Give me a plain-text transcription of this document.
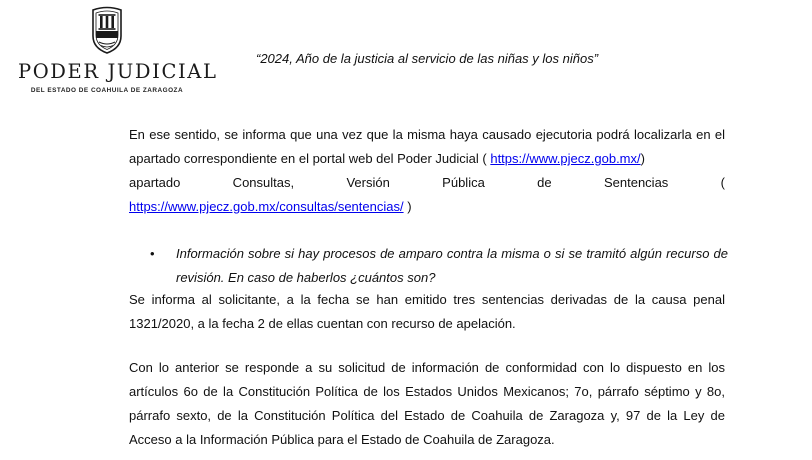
PODER JUDICIAL
DEL ESTADO DE COAHUILA DE ZARAGOZA
“2024, Año de la justicia al servicio de las niñas y los niños”
En ese sentido, se informa que una vez que la misma haya causado ejecutoria podrá localizarla en el apartado correspondiente en el portal web del Poder Judicial ( https://www.pjecz.gob.mx/)
apartado Consultas, Versión Pública de Sentencias (
https://www.pjecz.gob.mx/consultas/sentencias/ )
• Información sobre si hay procesos de amparo contra la misma o si se tramitó algún recurso de revisión. En caso de haberlos ¿cuántos son?
Se informa al solicitante, a la fecha se han emitido tres sentencias derivadas de la causa penal 1321/2020, a la fecha 2 de ellas cuentan con recurso de apelación.
Con lo anterior se responde a su solicitud de información de conformidad con lo dispuesto en los artículos 6o de la Constitución Política de los Estados Unidos Mexicanos; 7o, párrafo séptimo y 8o, párrafo sexto, de la Constitución Política del Estado de Coahuila de Zaragoza y, 97 de la Ley de Acceso a la Información Pública para el Estado de Coahuila de Zaragoza.
